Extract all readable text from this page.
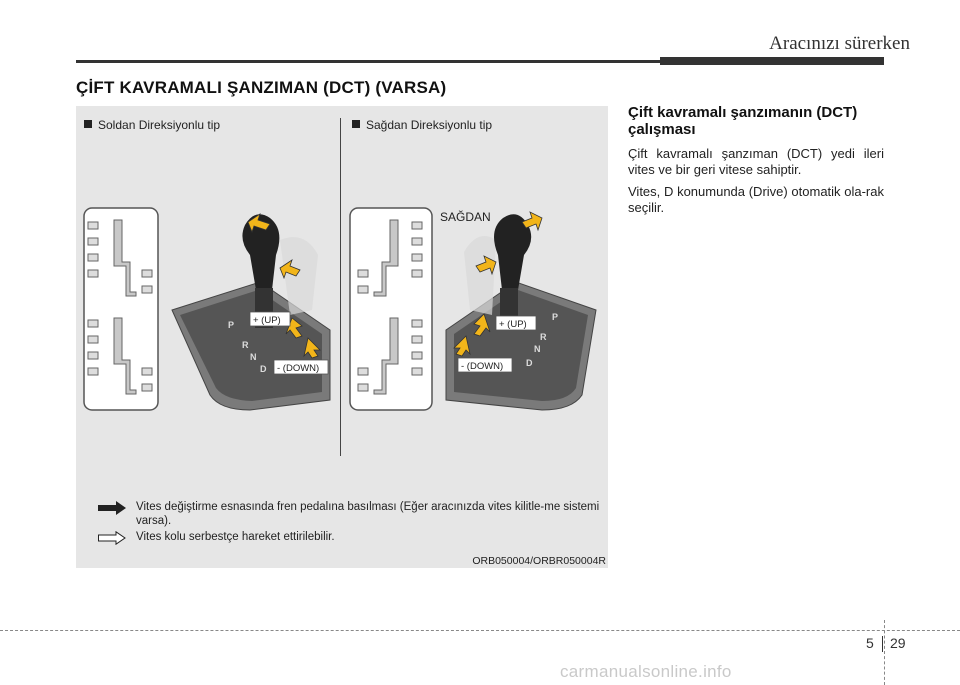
Aracınızı sürerken
ÇİFT KAVRAMALI ŞANZIMAN (DCT) (VARSA)
Soldan Direksiyonlu tip	Sağdan Direksiyonlu tip
P
R
N
D
+ (UP)
- (DOWN)
P
R
N
D
+ (UP)
- (DOWN)
SAĞDAN
Vites değiştirme esnasında fren pedalına basılması (Eğer aracınızda vites kilitle-me sistemi varsa).
Vites kolu serbestçe hareket ettirilebilir.
ORB050004/ORBR050004R
Çift kavramalı şanzımanın (DCT) çalışması

Çift kavramalı şanzıman (DCT) yedi ileri vites ve bir geri vitese sahiptir.

Vites, D konumunda (Drive) otomatik ola-rak seçilir.

5 29
carmanualsonline.info
